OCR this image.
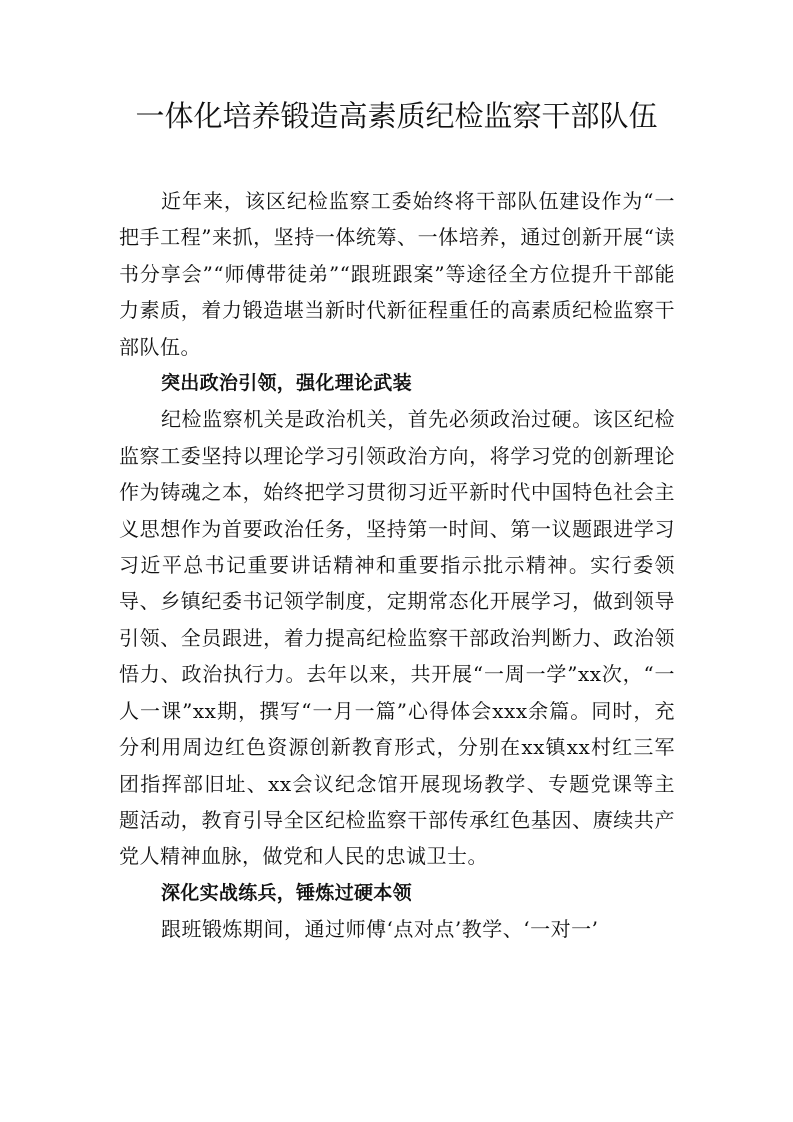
一体化培养锻造高素质纪检监察干部队伍

近年来，该区纪检监察工委始终将干部队伍建设作为“一把手工程”来抓，坚持一体统筹、一体培养，通过创新开展“读书分享会”“师傅带徒弟”“跟班跟案”等途径全方位提升干部能力素质，着力锻造堪当新时代新征程重任的高素质纪检监察干部队伍。

突出政治引领，强化理论武装

纪检监察机关是政治机关，首先必须政治过硬。该区纪检监察工委坚持以理论学习引领政治方向，将学习党的创新理论作为铸魂之本，始终把学习贯彻习近平新时代中国特色社会主义思想作为首要政治任务，坚持第一时间、第一议题跟进学习习近平总书记重要讲话精神和重要指示批示精神。实行委领导、乡镇纪委书记领学制度，定期常态化开展学习，做到领导引领、全员跟进，着力提高纪检监察干部政治判断力、政治领悟力、政治执行力。去年以来，共开展“一周一学”xx次，“一人一课”xx期，撰写“一月一篇”心得体会xxx余篇。同时，充分利用周边红色资源创新教育形式，分别在xx镇xx村红三军团指挥部旧址、xx会议纪念馆开展现场教学、专题党课等主题活动，教育引导全区纪检监察干部传承红色基因、赓续共产党人精神血脉，做党和人民的忠诚卫士。

深化实战练兵，锤炼过硬本领

跟班锻炼期间，通过师傅‘点对点’教学、‘一对一’
